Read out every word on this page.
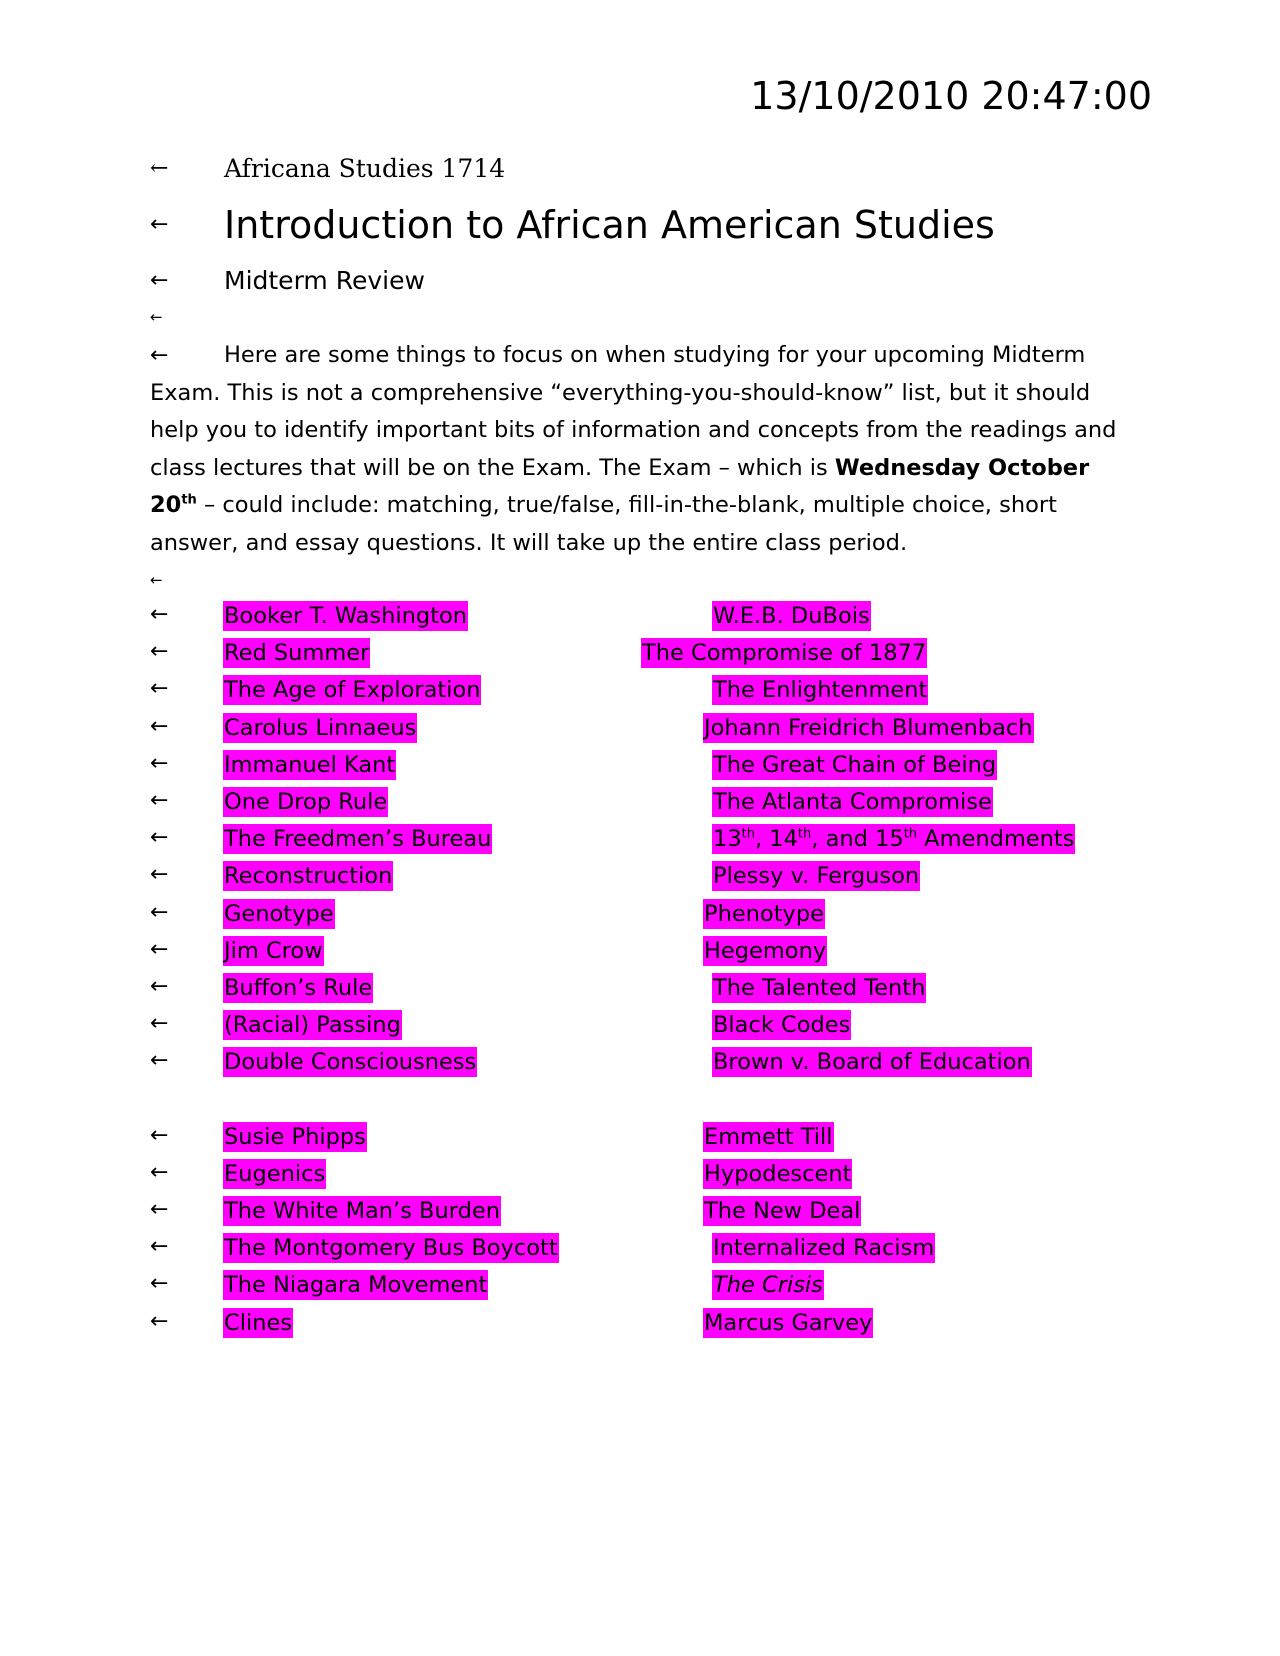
13/10/2010 20:47:00
← Africana Studies 1714
← Introduction to African American Studies
← Midterm Review
←
← Here are some things to focus on when studying for your upcoming Midterm Exam. This is not a comprehensive “everything-you-should-know” list, but it should help you to identify important bits of information and concepts from the readings and class lectures that will be on the Exam. The Exam – which is Wednesday October 20th – could include: matching, true/false, fill-in-the-blank, multiple choice, short answer, and essay questions. It will take up the entire class period.
←
← Booker T. Washington	W.E.B. DuBois
← Red Summer	The Compromise of 1877
← The Age of Exploration	The Enlightenment
← Carolus Linnaeus	Johann Freidrich Blumenbach
← Immanuel Kant	The Great Chain of Being
← One Drop Rule	The Atlanta Compromise
← The Freedmen’s Bureau	13th, 14th, and 15th Amendments
← Reconstruction	Plessy v. Ferguson
← Genotype	Phenotype
← Jim Crow	Hegemony
← Buffon’s Rule	The Talented Tenth
← (Racial) Passing	Black Codes
← Double Consciousness	Brown v. Board of Education
← Susie Phipps	Emmett Till
← Eugenics	Hypodescent
← The White Man’s Burden	The New Deal
← The Montgomery Bus Boycott	Internalized Racism
← The Niagara Movement	The Crisis
← Clines	Marcus Garvey
